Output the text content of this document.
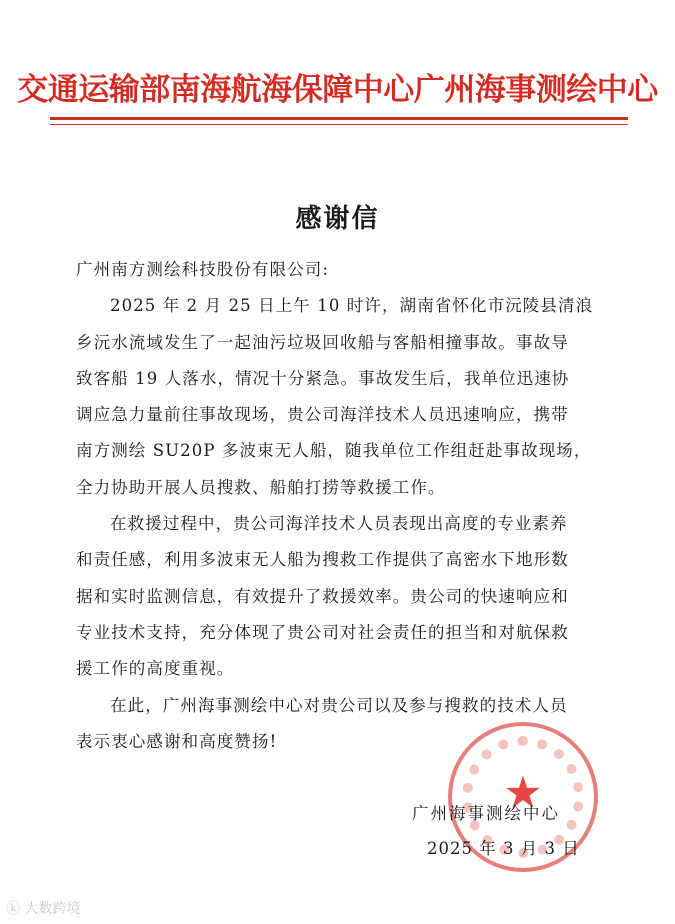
交通运输部南海航海保障中心广州海事测绘中心
感谢信
广州南方测绘科技股份有限公司:
2025 年 2 月 25 日上午 10 时许，湖南省怀化市沅陵县清浪
乡沅水流域发生了一起油污垃圾回收船与客船相撞事故。事故导
致客船 19 人落水，情况十分紧急。事故发生后，我单位迅速协
调应急力量前往事故现场，贵公司海洋技术人员迅速响应，携带
南方测绘 SU20P 多波束无人船，随我单位工作组赶赴事故现场，
全力协助开展人员搜救、船舶打捞等救援工作。
在救援过程中，贵公司海洋技术人员表现出高度的专业素养
和责任感，利用多波束无人船为搜救工作提供了高密水下地形数
据和实时监测信息，有效提升了救援效率。贵公司的快速响应和
专业技术支持，充分体现了贵公司对社会责任的担当和对航保救
援工作的高度重视。
在此，广州海事测绘中心对贵公司以及参与搜救的技术人员
表示衷心感谢和高度赞扬!
★
广州海事测绘中心
2025 年 3 月 3 日
ⓚ 大数跨境
